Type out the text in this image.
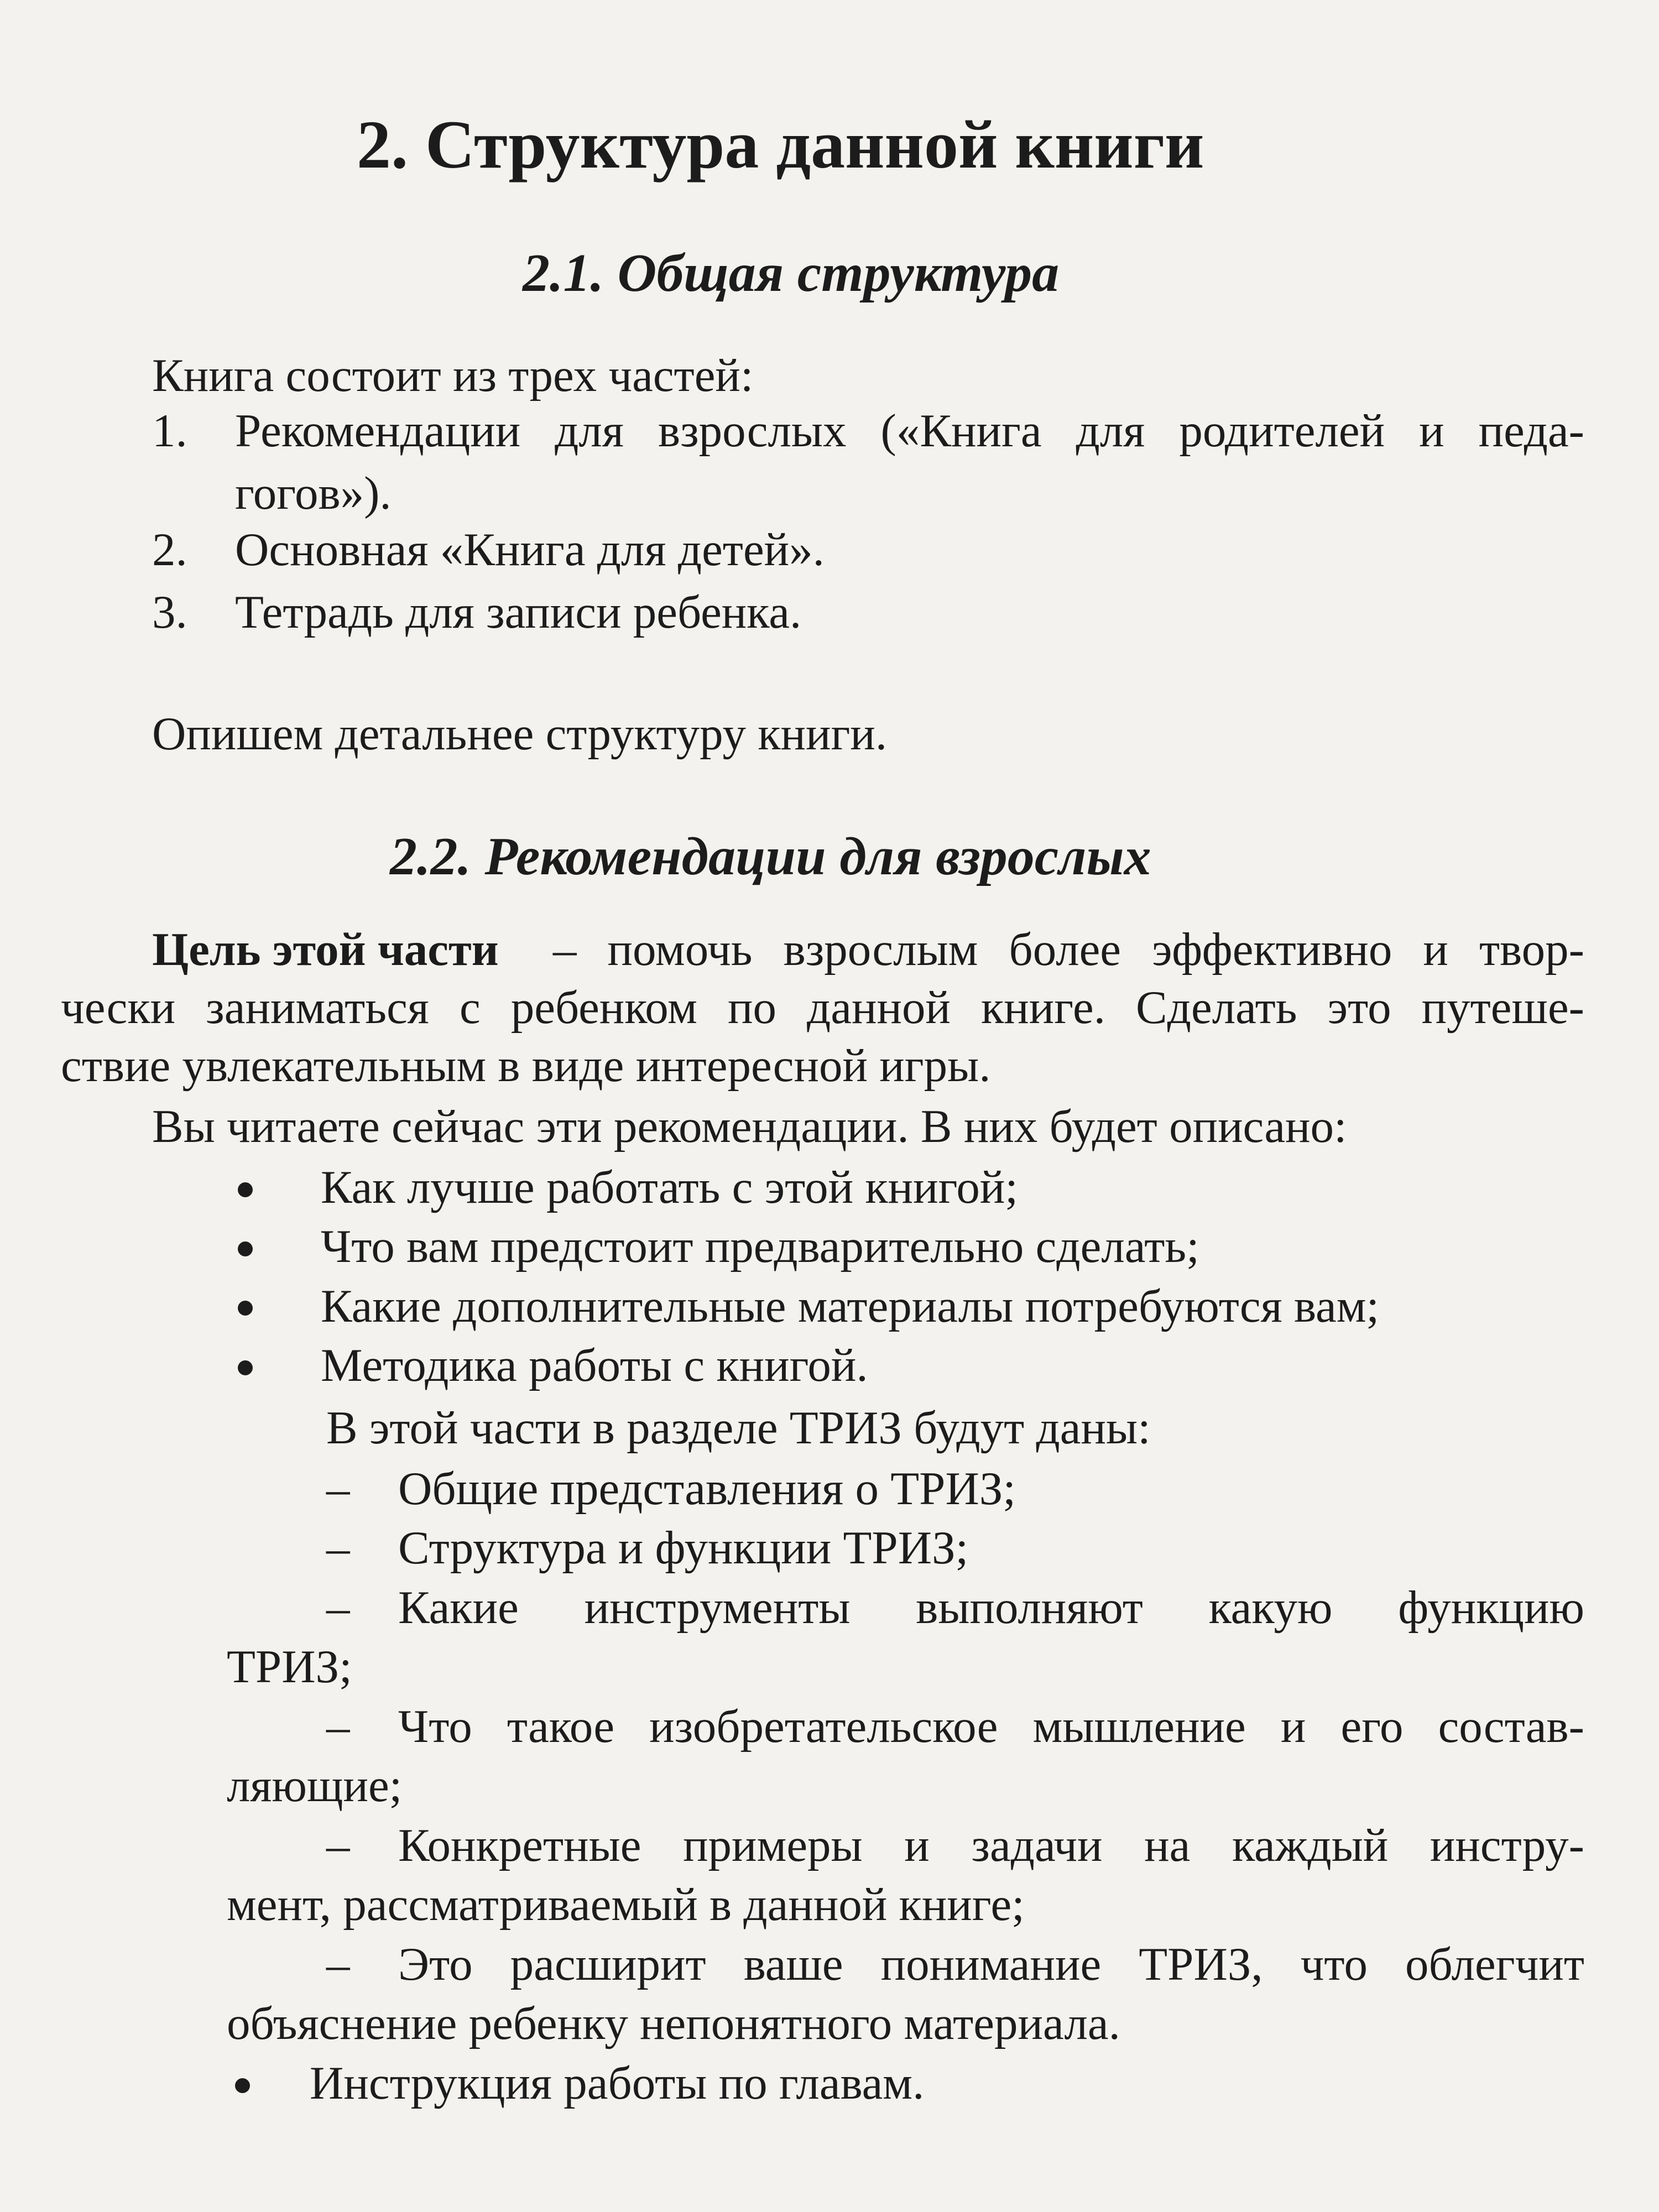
2. Структура данной книги
2.1. Общая структура
Книга состоит из трех частей:
1. Рекомендации для взрослых («Книга для родителей и педа-
гогов»).
2. Основная «Книга для детей».
3. Тетрадь для записи ребенка.
Опишем детальнее структуру книги.
2.2. Рекомендации для взрослых
Цель этой части – помочь взрослым более эффективно и твор-
чески заниматься с ребенком по данной книге. Сделать это путеше-
ствие увлекательным в виде интересной игры.
Вы читаете сейчас эти рекомендации. В них будет описано:
Как лучше работать с этой книгой;
Что вам предстоит предварительно сделать;
Какие дополнительные материалы потребуются вам;
Методика работы с книгой.
В этой части в разделе ТРИЗ будут даны:
– Общие представления о ТРИЗ;
– Структура и функции ТРИЗ;
– Какие инструменты выполняют какую функцию
ТРИЗ;
– Что такое изобретательское мышление и его состав-
ляющие;
– Конкретные примеры и задачи на каждый инстру-
мент, рассматриваемый в данной книге;
– Это расширит ваше понимание ТРИЗ, что облегчит
объяснение ребенку непонятного материала.
Инструкция работы по главам.
